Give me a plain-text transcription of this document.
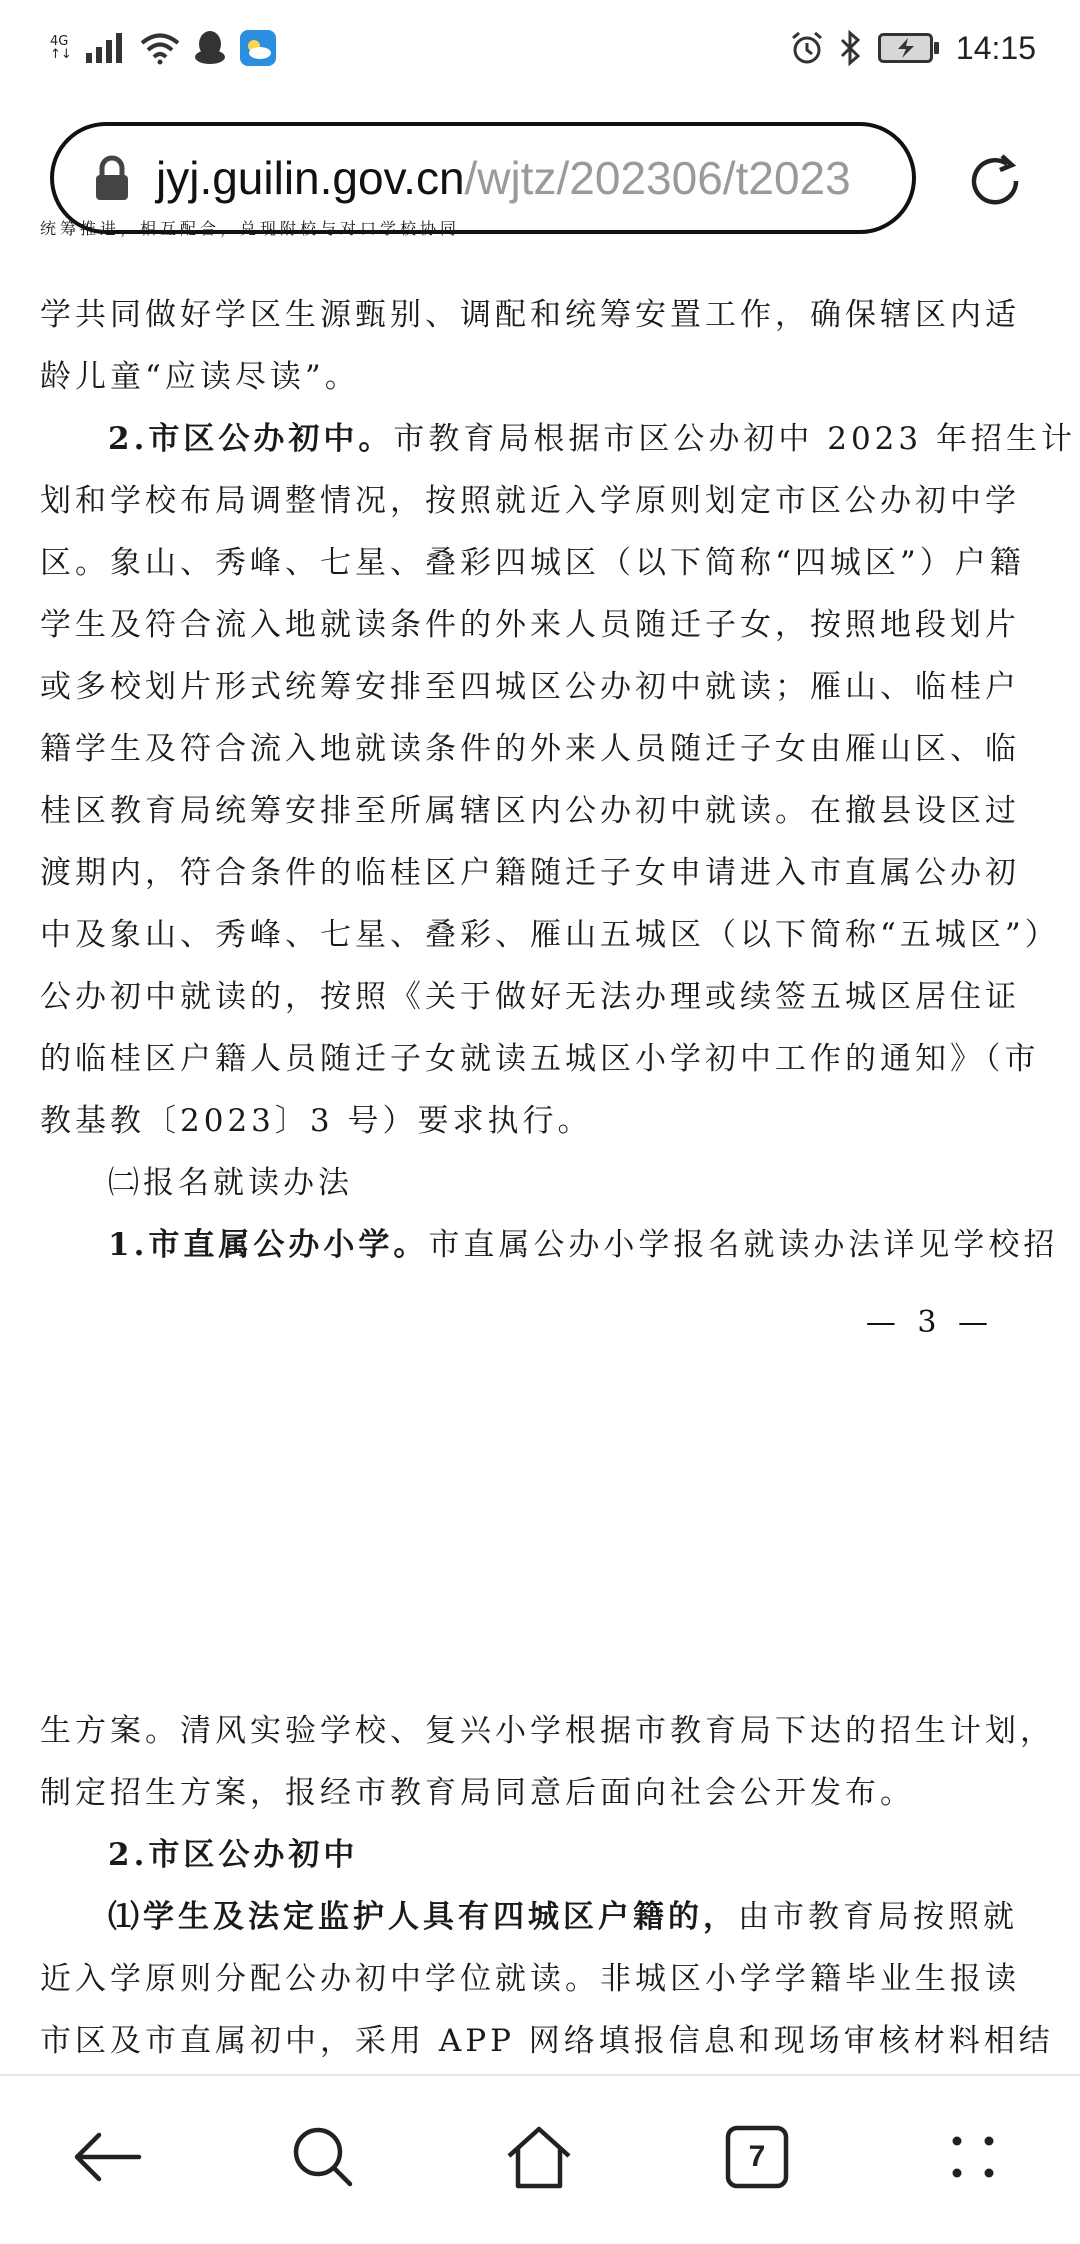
4G
↑↓	14:15
jyj.guilin.gov.cn/wjtz/202306/t2023
统筹推进，相互配合，兑现附校与对口学校协同
学共同做好学区生源甄别、调配和统筹安置工作，确保辖区内适
龄儿童“应读尽读”。
2.市区公办初中。市教育局根据市区公办初中 2023 年招生计
划和学校布局调整情况，按照就近入学原则划定市区公办初中学
区。象山、秀峰、七星、叠彩四城区（以下简称“四城区”）户籍
学生及符合流入地就读条件的外来人员随迁子女，按照地段划片
或多校划片形式统筹安排至四城区公办初中就读；雁山、临桂户
籍学生及符合流入地就读条件的外来人员随迁子女由雁山区、临
桂区教育局统筹安排至所属辖区内公办初中就读。在撤县设区过
渡期内，符合条件的临桂区户籍随迁子女申请进入市直属公办初
中及象山、秀峰、七星、叠彩、雁山五城区（以下简称“五城区”）
公办初中就读的，按照《关于做好无法办理或续签五城区居住证
的临桂区户籍人员随迁子女就读五城区小学初中工作的通知》（市
教基教〔2023〕3 号）要求执行。
㈡报名就读办法
1.市直属公办小学。市直属公办小学报名就读办法详见学校招
— 3 —
生方案。清风实验学校、复兴小学根据市教育局下达的招生计划，
制定招生方案，报经市教育局同意后面向社会公开发布。
2.市区公办初中
⑴学生及法定监护人具有四城区户籍的，由市教育局按照就
近入学原则分配公办初中学位就读。非城区小学学籍毕业生报读
市区及市直属初中，采用 APP 网络填报信息和现场审核材料相结
7
